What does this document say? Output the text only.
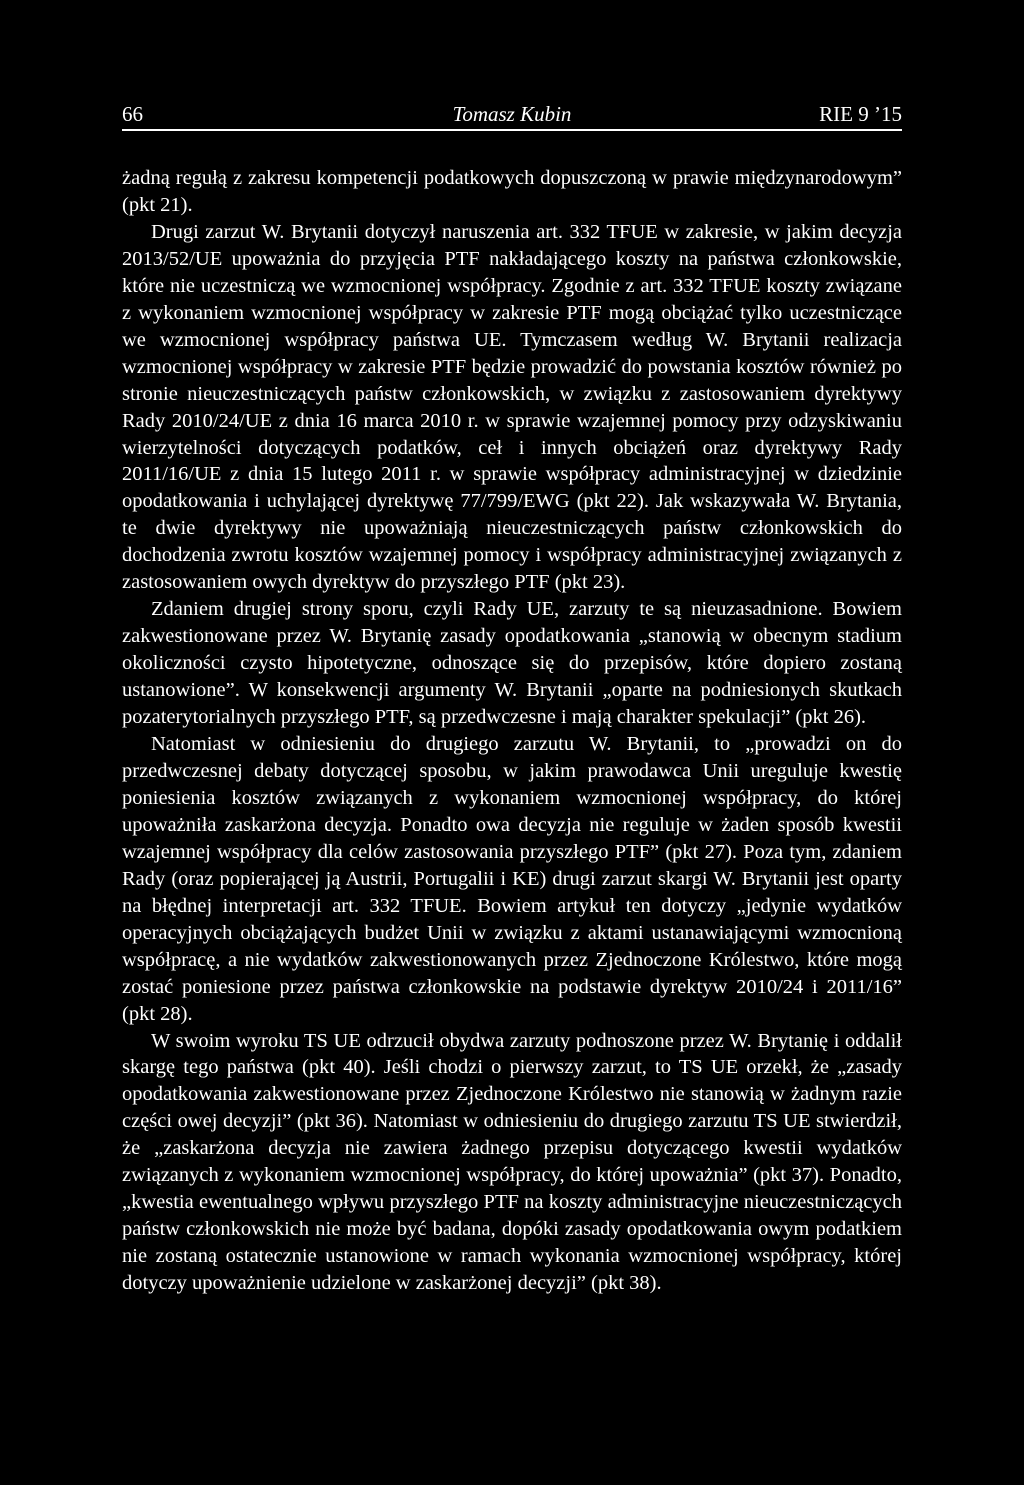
Tomasz Kubin
66	RIE 9 ’15

żadną regułą z zakresu kompetencji podatkowych dopuszczoną w prawie międzynarodowym” (pkt 21).

Drugi zarzut W. Brytanii dotyczył naruszenia art. 332 TFUE w zakresie, w jakim decyzja 2013/52/UE upoważnia do przyjęcia PTF nakładającego koszty na państwa członkowskie, które nie uczestniczą we wzmocnionej współpracy. Zgodnie z art. 332 TFUE koszty związane z wykonaniem wzmocnionej współpracy w zakresie PTF mogą obciążać tylko uczestniczące we wzmocnionej współpracy państwa UE. Tymczasem według W. Brytanii realizacja wzmocnionej współpracy w zakresie PTF będzie prowadzić do powstania kosztów również po stronie nieuczestniczących państw członkowskich, w związku z zastosowaniem dyrektywy Rady 2010/24/UE z dnia 16 marca 2010 r. w sprawie wzajemnej pomocy przy odzyskiwaniu wierzytelności dotyczących podatków, ceł i innych obciążeń oraz dyrektywy Rady 2011/16/UE z dnia 15 lutego 2011 r. w sprawie współpracy administracyjnej w dziedzinie opodatkowania i uchylającej dyrektywę 77/799/EWG (pkt 22). Jak wskazywała W. Brytania, te dwie dyrektywy nie upoważniają nieuczestniczących państw członkowskich do dochodzenia zwrotu kosztów wzajemnej pomocy i współpracy administracyjnej związanych z zastosowaniem owych dyrektyw do przyszłego PTF (pkt 23).

Zdaniem drugiej strony sporu, czyli Rady UE, zarzuty te są nieuzasadnione. Bowiem zakwestionowane przez W. Brytanię zasady opodatkowania „stanowią w obecnym stadium okoliczności czysto hipotetyczne, odnoszące się do przepisów, które dopiero zostaną ustanowione”. W konsekwencji argumenty W. Brytanii „oparte na podniesionych skutkach pozaterytorialnych przyszłego PTF, są przedwczesne i mają charakter spekulacji” (pkt 26).

Natomiast w odniesieniu do drugiego zarzutu W. Brytanii, to „prowadzi on do przedwczesnej debaty dotyczącej sposobu, w jakim prawodawca Unii ureguluje kwestię poniesienia kosztów związanych z wykonaniem wzmocnionej współpracy, do której upoważniła zaskarżona decyzja. Ponadto owa decyzja nie reguluje w żaden sposób kwestii wzajemnej współpracy dla celów zastosowania przyszłego PTF” (pkt 27). Poza tym, zdaniem Rady (oraz popierającej ją Austrii, Portugalii i KE) drugi zarzut skargi W. Brytanii jest oparty na błędnej interpretacji art. 332 TFUE. Bowiem artykuł ten dotyczy „jedynie wydatków operacyjnych obciążających budżet Unii w związku z aktami ustanawiającymi wzmocnioną współpracę, a nie wydatków zakwestionowanych przez Zjednoczone Królestwo, które mogą zostać poniesione przez państwa członkowskie na podstawie dyrektyw 2010/24 i 2011/16” (pkt 28).

W swoim wyroku TS UE odrzucił obydwa zarzuty podnoszone przez W. Brytanię i oddalił skargę tego państwa (pkt 40). Jeśli chodzi o pierwszy zarzut, to TS UE orzekł, że „zasady opodatkowania zakwestionowane przez Zjednoczone Królestwo nie stanowią w żadnym razie części owej decyzji” (pkt 36). Natomiast w odniesieniu do drugiego zarzutu TS UE stwierdził, że „zaskarżona decyzja nie zawiera żadnego przepisu dotyczącego kwestii wydatków związanych z wykonaniem wzmocnionej współpracy, do której upoważnia” (pkt 37). Ponadto, „kwestia ewentualnego wpływu przyszłego PTF na koszty administracyjne nieuczestniczących państw członkowskich nie może być badana, dopóki zasady opodatkowania owym podatkiem nie zostaną ostatecznie ustanowione w ramach wykonania wzmocnionej współpracy, której dotyczy upoważnienie udzielone w zaskarżonej decyzji” (pkt 38).
